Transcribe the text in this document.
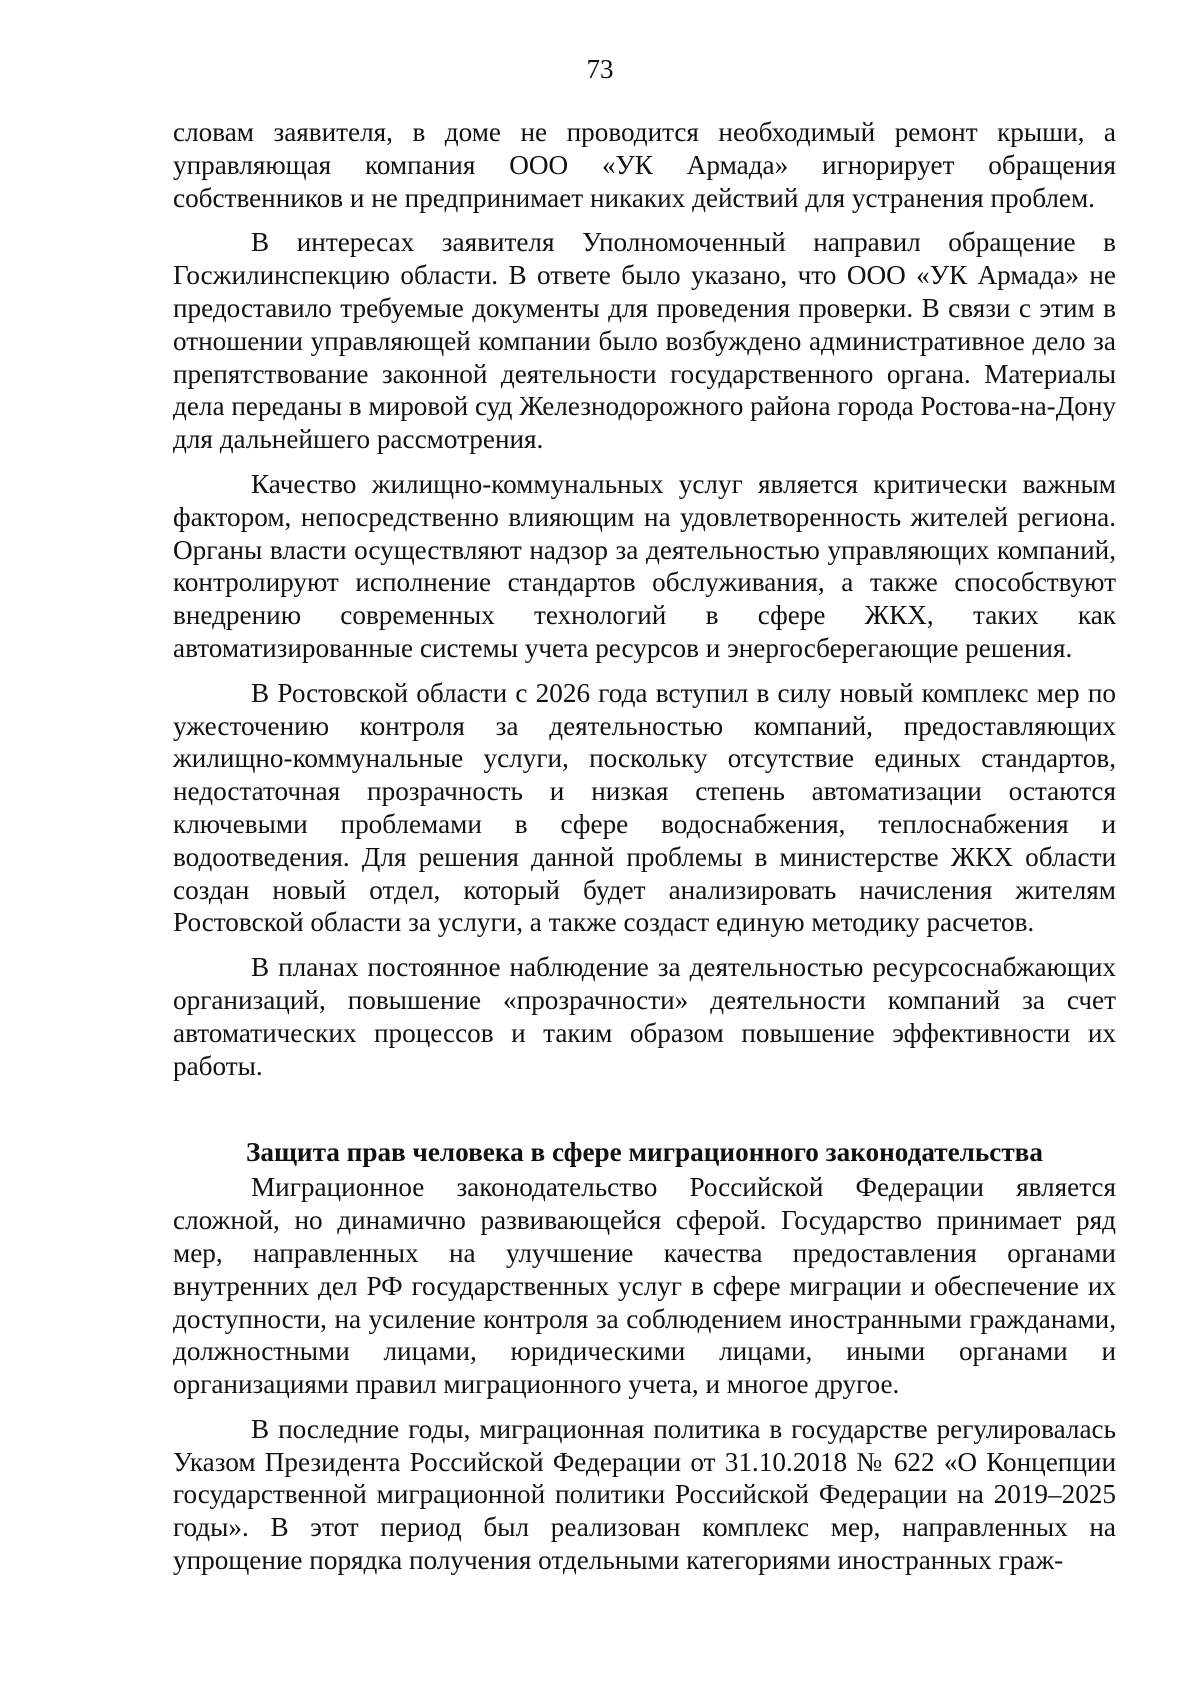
73

словам заявителя, в доме не проводится необходимый ремонт крыши, а управляющая компания ООО «УК Армада» игнорирует обращения собственников и не предпринимает никаких действий для устранения проблем.

В интересах заявителя Уполномоченный направил обращение в Госжилинспекцию области. В ответе было указано, что ООО «УК Армада» не предоставило требуемые документы для проведения проверки. В связи с этим в отношении управляющей компании было возбуждено административное дело за препятствование законной деятельности государственного органа. Материалы дела переданы в мировой суд Железнодорожного района города Ростова-на-Дону для дальнейшего рассмотрения.

Качество жилищно-коммунальных услуг является критически важным фактором, непосредственно влияющим на удовлетворенность жителей региона. Органы власти осуществляют надзор за деятельностью управляющих компаний, контролируют исполнение стандартов обслуживания, а также способствуют внедрению современных технологий в сфере ЖКХ, таких как автоматизированные системы учета ресурсов и энергосберегающие решения.

В Ростовской области с 2026 года вступил в силу новый комплекс мер по ужесточению контроля за деятельностью компаний, предоставляющих жилищно-коммунальные услуги, поскольку отсутствие единых стандартов, недостаточная прозрачность и низкая степень автоматизации остаются ключевыми проблемами в сфере водоснабжения, теплоснабжения и водоотведения. Для решения данной проблемы в министерстве ЖКХ области создан новый отдел, который будет анализировать начисления жителям Ростовской области за услуги, а также создаст единую методику расчетов.

В планах постоянное наблюдение за деятельностью ресурсоснабжающих организаций, повышение «прозрачности» деятельности компаний за счет автоматических процессов и таким образом повышение эффективности их работы.

Защита прав человека в сфере миграционного законодательства

Миграционное законодательство Российской Федерации является сложной, но динамично развивающейся сферой. Государство принимает ряд мер, направленных на улучшение качества предоставления органами внутренних дел РФ государственных услуг в сфере миграции и обеспечение их доступности, на усиление контроля за соблюдением иностранными гражданами, должностными лицами, юридическими лицами, иными органами и организациями правил миграционного учета, и многое другое.

В последние годы, миграционная политика в государстве регулировалась Указом Президента Российской Федерации от 31.10.2018 № 622 «О Концепции государственной миграционной политики Российской Федерации на 2019–2025 годы». В этот период был реализован комплекс мер, направленных на упрощение порядка получения отдельными категориями иностранных граж-
